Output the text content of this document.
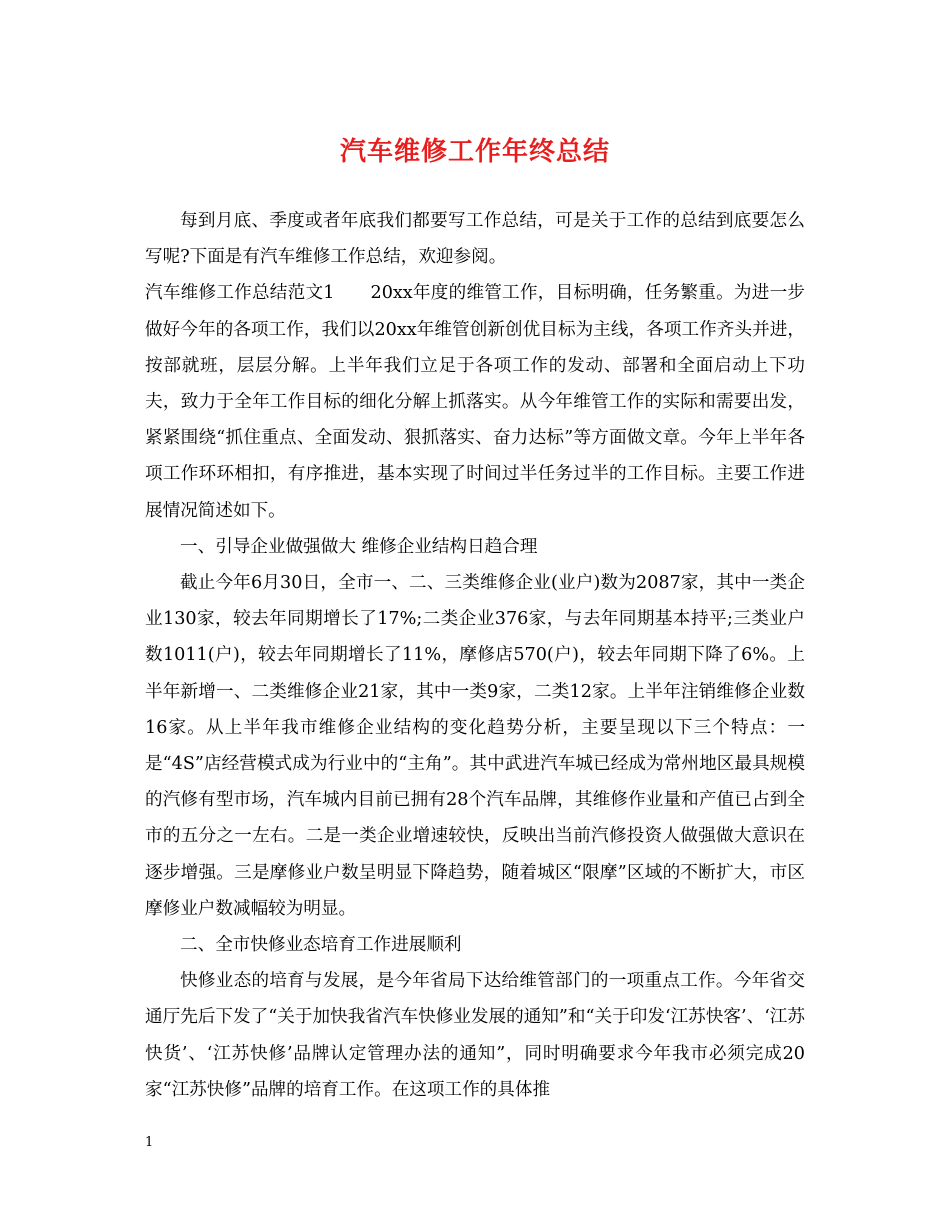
汽车维修工作年终总结

每到月底、季度或者年底我们都要写工作总结，可是关于工作的总结到底要怎么写呢?下面是有汽车维修工作总结，欢迎参阅。

汽车维修工作总结范文1 20xx年度的维管工作，目标明确，任务繁重。为进一步做好今年的各项工作，我们以20xx年维管创新创优目标为主线，各项工作齐头并进，按部就班，层层分解。上半年我们立足于各项工作的发动、部署和全面启动上下功夫，致力于全年工作目标的细化分解上抓落实。从今年维管工作的实际和需要出发，紧紧围绕“抓住重点、全面发动、狠抓落实、奋力达标”等方面做文章。今年上半年各项工作环环相扣，有序推进，基本实现了时间过半任务过半的工作目标。主要工作进展情况简述如下。

一、引导企业做强做大 维修企业结构日趋合理

截止今年6月30日，全市一、二、三类维修企业(业户)数为2087家，其中一类企业130家，较去年同期增长了17%;二类企业376家，与去年同期基本持平;三类业户数1011(户)，较去年同期增长了11%，摩修店570(户)，较去年同期下降了6%。上半年新增一、二类维修企业21家，其中一类9家，二类12家。上半年注销维修企业数16家。从上半年我市维修企业结构的变化趋势分析，主要呈现以下三个特点：一是“4S”店经营模式成为行业中的“主角”。其中武进汽车城已经成为常州地区最具规模的汽修有型市场，汽车城内目前已拥有28个汽车品牌，其维修作业量和产值已占到全市的五分之一左右。二是一类企业增速较快，反映出当前汽修投资人做强做大意识在逐步增强。三是摩修业户数呈明显下降趋势，随着城区“限摩”区域的不断扩大，市区摩修业户数减幅较为明显。

二、全市快修业态培育工作进展顺利

快修业态的培育与发展，是今年省局下达给维管部门的一项重点工作。今年省交通厅先后下发了“关于加快我省汽车快修业发展的通知”和“关于印发‘江苏快客’、‘江苏快货’、‘江苏快修’品牌认定管理办法的通知”，同时明确要求今年我市必须完成20家“江苏快修”品牌的培育工作。在这项工作的具体推

1
